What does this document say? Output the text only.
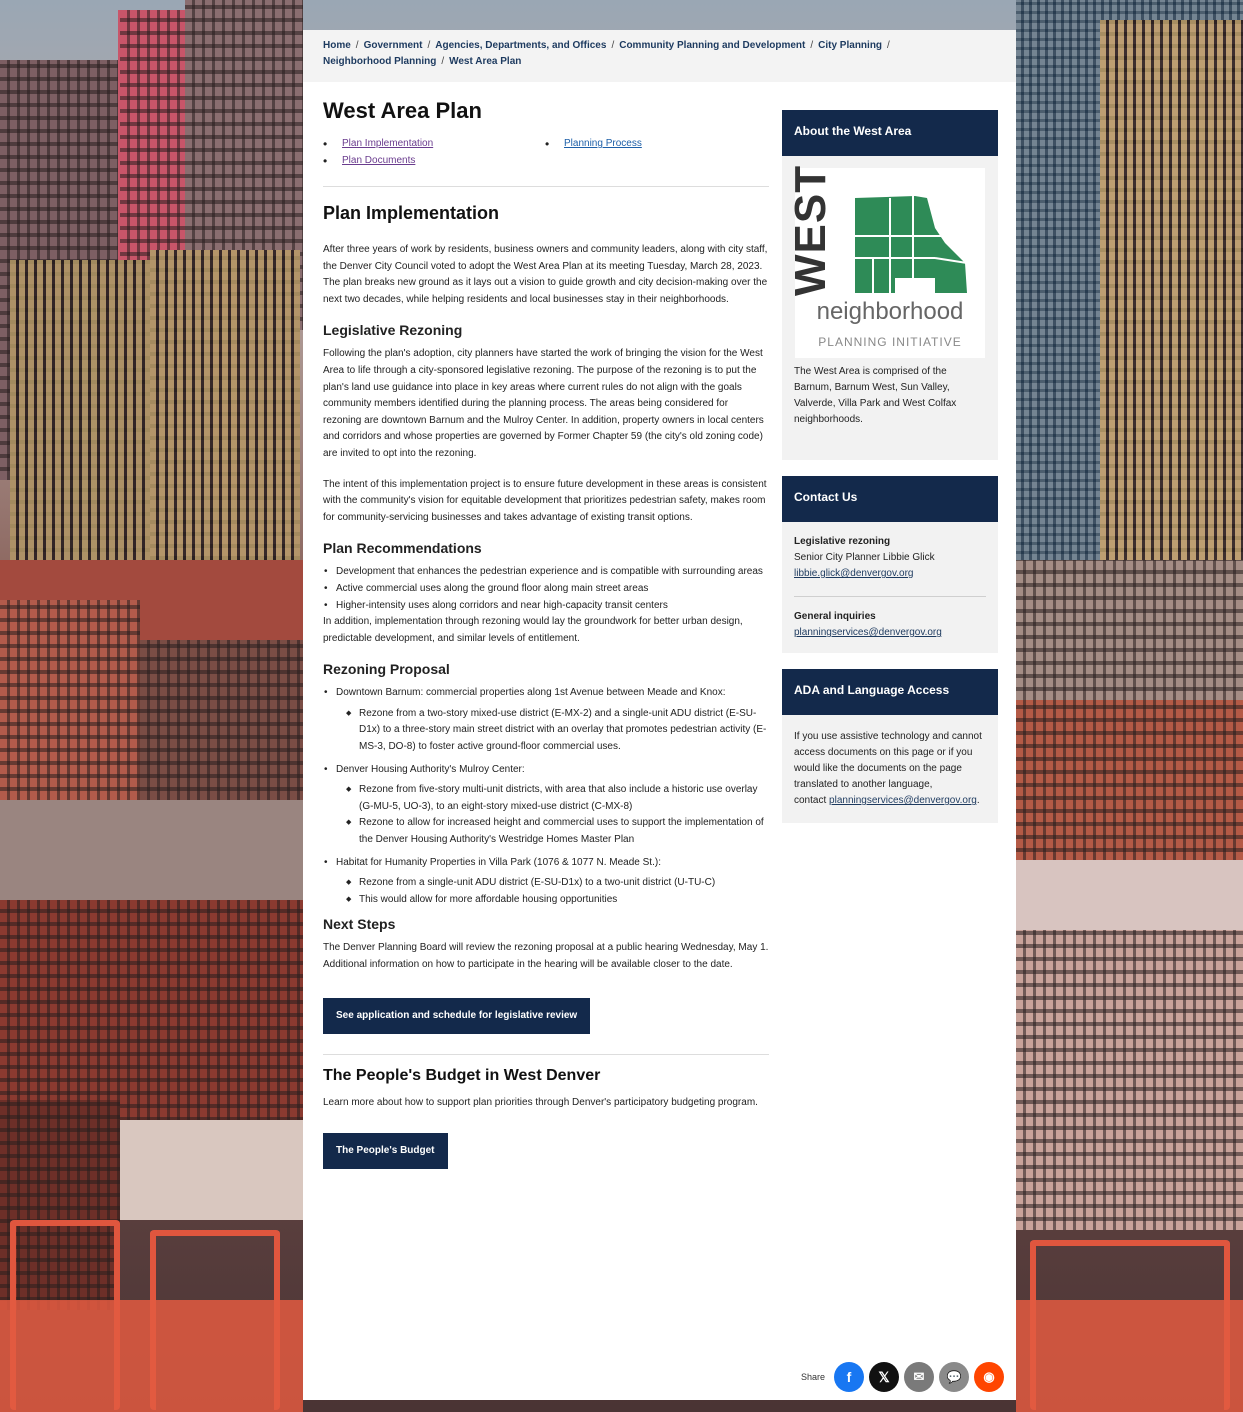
Home / Government / Agencies, Departments, and Offices / Community Planning and Development / City Planning /
Neighborhood Planning / West Area Plan
West Area Plan
• Plan Implementation	• Planning Process
• Plan Documents
Plan Implementation

After three years of work by residents, business owners and community leaders, along with city staff, the Denver City Council voted to adopt the West Area Plan at its meeting Tuesday, March 28, 2023. The plan breaks new ground as it lays out a vision to guide growth and city decision-making over the next two decades, while helping residents and local businesses stay in their neighborhoods.

Legislative Rezoning

Following the plan's adoption, city planners have started the work of bringing the vision for the West Area to life through a city-sponsored legislative rezoning. The purpose of the rezoning is to put the plan's land use guidance into place in key areas where current rules do not align with the goals community members identified during the planning process. The areas being considered for rezoning are downtown Barnum and the Mulroy Center. In addition, property owners in local centers and corridors and whose properties are governed by Former Chapter 59 (the city's old zoning code) are invited to opt into the rezoning.

The intent of this implementation project is to ensure future development in these areas is consistent with the community's vision for equitable development that prioritizes pedestrian safety, makes room for community-servicing businesses and takes advantage of existing transit options.

Plan Recommendations
• Development that enhances the pedestrian experience and is compatible with surrounding areas
• Active commercial uses along the ground floor along main street areas
• Higher-intensity uses along corridors and near high-capacity transit centers

In addition, implementation through rezoning would lay the groundwork for better urban design, predictable development, and similar levels of entitlement.

Rezoning Proposal
• Downtown Barnum: commercial properties along 1st Avenue between Meade and Knox:
◆ Rezone from a two-story mixed-use district (E-MX-2) and a single-unit ADU district (E-SU-D1x) to a three-story main street district with an overlay that promotes pedestrian activity (E-MS-3, DO-8) to foster active ground-floor commercial uses.
• Denver Housing Authority's Mulroy Center:
◆ Rezone from five-story multi-unit districts, with area that also include a historic use overlay (G-MU-5, UO-3), to an eight-story mixed-use district (C-MX-8)
◆ Rezone to allow for increased height and commercial uses to support the implementation of the Denver Housing Authority's Westridge Homes Master Plan
• Habitat for Humanity Properties in Villa Park (1076 & 1077 N. Meade St.):
◆ Rezone from a single-unit ADU district (E-SU-D1x) to a two-unit district (U-TU-C)
◆ This would allow for more affordable housing opportunities
Next Steps

The Denver Planning Board will review the rezoning proposal at a public hearing Wednesday, May 1. Additional information on how to participate in the hearing will be available closer to the date.

See application and schedule for legislative review
The People's Budget in West Denver

Learn more about how to support plan priorities through Denver's participatory budgeting program.

The People's Budget
About the West Area
WEST
neighborhood
PLANNING INITIATIVE
The West Area is comprised of the Barnum, Barnum West, Sun Valley, Valverde, Villa Park and West Colfax neighborhoods.
Contact Us
Legislative rezoning
Senior City Planner Libbie Glick
libbie.glick@denvergov.org
General inquiries
planningservices@denvergov.org
ADA and Language Access
If you use assistive technology and cannot access documents on this page or if you would like the documents on the page translated to another language,
contact planningservices@denvergov.org.
Share	f	𝕏	✉	💬	◉
